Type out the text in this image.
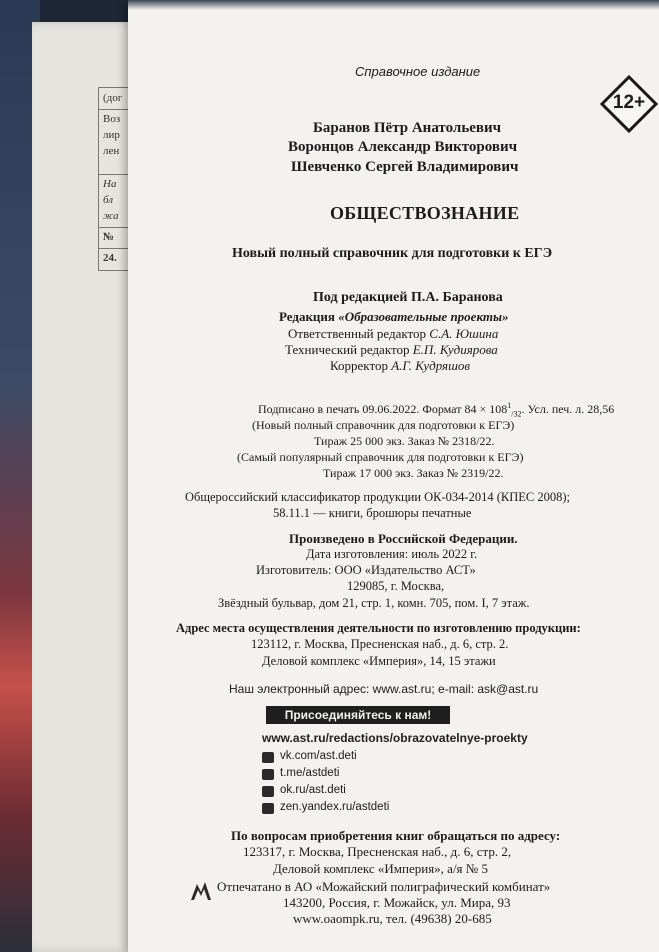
(дог
Воз
лир
лен
На
бл
жа
№
24.
Справочное издание
12+
Баранов Пётр Анатольевич
Воронцов Александр Викторович
Шевченко Сергей Владимирович
ОБЩЕСТВОЗНАНИЕ
Новый полный справочник для подготовки к ЕГЭ
Под редакцией П.А. Баранова
Редакция «Образовательные проекты»
Ответственный редактор С.А. Юшина
Технический редактор Е.П. Кудиярова
Корректор А.Г. Кудряшов
Подписано в печать 09.06.2022. Формат $84 \times 108^1_{/32}$. Усл. печ. л. 28,56
(Новый полный справочник для подготовки к ЕГЭ)
Тираж 25 000 экз. Заказ № 2318/22.
(Самый популярный справочник для подготовки к ЕГЭ)
Тираж 17 000 экз. Заказ № 2319/22.
Общероссийский классификатор продукции ОК-034-2014 (КПЕС 2008);
58.11.1 — книги, брошюры печатные
Произведено в Российской Федерации.
Дата изготовления: июль 2022 г.
Изготовитель: ООО «Издательство АСТ»
129085, г. Москва,
Звёздный бульвар, дом 21, стр. 1, комн. 705, пом. I, 7 этаж.
Адрес места осуществления деятельности по изготовлению продукции:
123112, г. Москва, Пресненская наб., д. 6, стр. 2.
Деловой комплекс «Империя», 14, 15 этажи
Наш электронный адрес: www.ast.ru; e-mail: ask@ast.ru
Присоединяйтесь к нам!
www.ast.ru/redactions/obrazovatelnye-proekty
vk.com/ast.deti
t.me/astdeti
ok.ru/ast.deti
zen.yandex.ru/astdeti
По вопросам приобретения книг обращаться по адресу:
123317, г. Москва, Пресненская наб., д. 6, стр. 2,
Деловой комплекс «Империя», а/я № 5
Отпечатано в АО «Можайский полиграфический комбинат»
143200, Россия, г. Можайск, ул. Мира, 93
www.oaompk.ru, тел. (49638) 20-685
